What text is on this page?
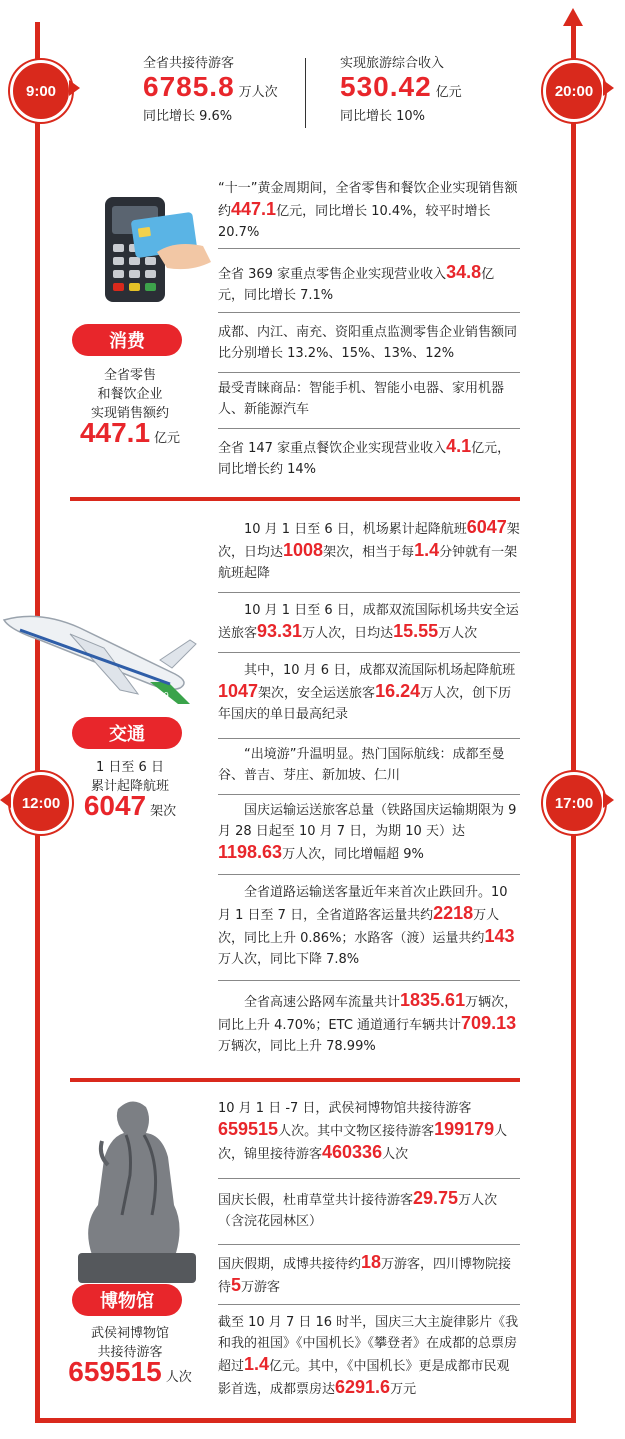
9:00	20:00
12:00	17:00
全省共接待游客
6785.8 万人次
同比增长 9.6%
实现旅游综合收入
530.42 亿元
同比增长 10%
消费
全省零售
和餐饮企业
实现销售额约
447.1 亿元
“十一”黄金周期间，全省零售和餐饮企业实现销售额约447.1亿元，同比增长 10.4%，较平时增长 20.7%
全省 369 家重点零售企业实现营业收入34.8亿元，同比增长 7.1%
成都、内江、南充、资阳重点监测零售企业销售额同比分别增长 13.2%、15%、13%、12%
最受青睐商品：智能手机、智能小电器、家用机器人、新能源汽车
全省 147 家重点餐饮企业实现营业收入4.1亿元，同比增长约 14%
C919
交通
1 日至 6 日
累计起降航班
6047 架次
10 月 1 日至 6 日，机场累计起降航班6047架次，日均达1008架次，相当于每1.4分钟就有一架航班起降
10 月 1 日至 6 日，成都双流国际机场共安全运送旅客93.31万人次，日均达15.55万人次
其中，10 月 6 日，成都双流国际机场起降航班1047架次，安全运送旅客16.24万人次，创下历年国庆的单日最高纪录
“出境游”升温明显。热门国际航线：成都至曼谷、普吉、芽庄、新加坡、仁川
国庆运输运送旅客总量（铁路国庆运输期限为 9 月 28 日起至 10 月 7 日，为期 10 天）达1198.63万人次，同比增幅超 9%
全省道路运输送客量近年来首次止跌回升。10 月 1 日至 7 日，全省道路客运量共约2218万人次，同比上升 0.86%；水路客（渡）运量共约143万人次，同比下降 7.8%
全省高速公路网车流量共计1835.61万辆次，同比上升 4.70%；ETC 通道通行车辆共计709.13万辆次，同比上升 78.99%
博物馆
武侯祠博物馆
共接待游客
659515 人次
10 月 1 日 -7 日，武侯祠博物馆共接待游客659515人次。其中文物区接待游客199179人次，锦里接待游客460336人次
国庆长假，杜甫草堂共计接待游客29.75万人次（含浣花园林区）
国庆假期，成博共接待约18万游客，四川博物院接待5万游客
截至 10 月 7 日 16 时半，国庆三大主旋律影片《我和我的祖国》《中国机长》《攀登者》在成都的总票房超过1.4亿元。其中，《中国机长》更是成都市民观影首选，成都票房达6291.6万元
